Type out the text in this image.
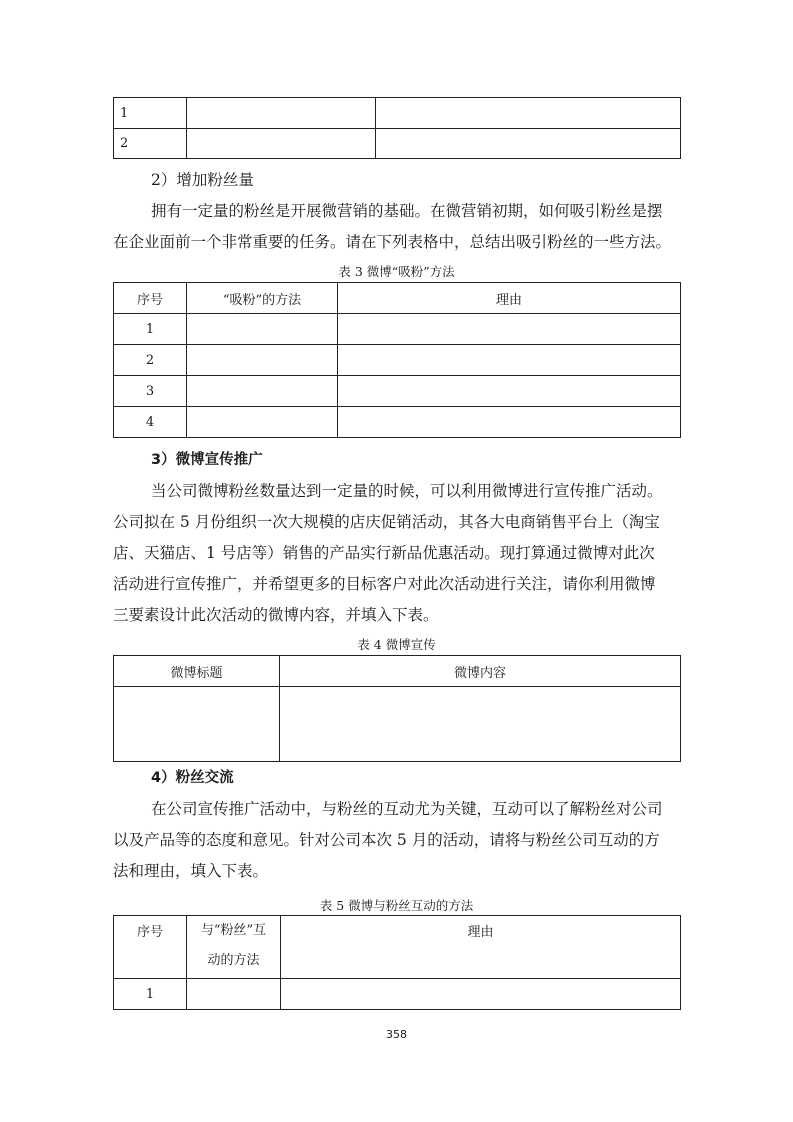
1		
2		
2）增加粉丝量
拥有一定量的粉丝是开展微营销的基础。在微营销初期，如何吸引粉丝是摆
在企业面前一个非常重要的任务。请在下列表格中，总结出吸引粉丝的一些方法。
表 3 微博“吸粉”方法
序号	“吸粉”的方法	理由
1		
2		
3		
4		
3）微博宣传推广
当公司微博粉丝数量达到一定量的时候，可以利用微博进行宣传推广活动。
公司拟在 5 月份组织一次大规模的店庆促销活动，其各大电商销售平台上（淘宝
店、天猫店、1 号店等）销售的产品实行新品优惠活动。现打算通过微博对此次
活动进行宣传推广，并希望更多的目标客户对此次活动进行关注，请你利用微博
三要素设计此次活动的微博内容，并填入下表。
表 4 微博宣传
微博标题	微博内容

4）粉丝交流
在公司宣传推广活动中，与粉丝的互动尤为关键，互动可以了解粉丝对公司
以及产品等的态度和意见。针对公司本次 5 月的活动，请将与粉丝公司互动的方
法和理由，填入下表。
表 5 微博与粉丝互动的方法
序号	与“粉丝”互
动的方法	理由
1		
358
